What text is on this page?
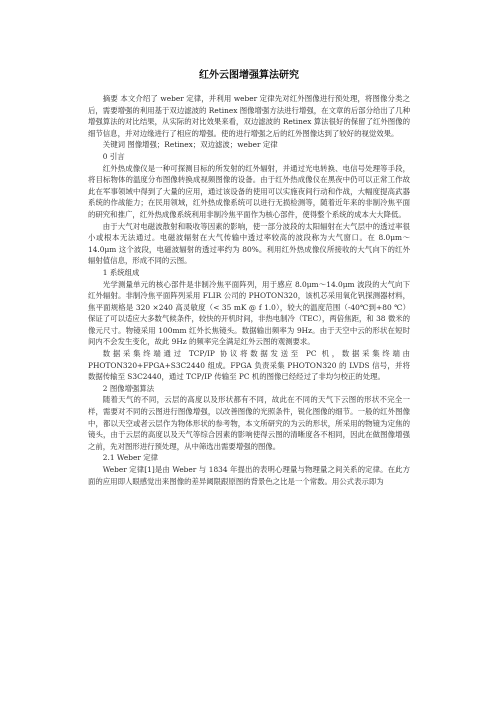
红外云图增强算法研究

摘要 本文介绍了 weber 定律，并利用 weber 定律先对红外图像进行预处理，将图像分类之后，需要增强的利用基于双边滤波的 Retinex 图像增强方法进行增强，在文章的后部分给出了几种增强算法的对比结果，从实际的对比效果来看，双边滤波的 Retinex 算法很好的保留了红外图像的细节信息，并对边缘进行了相应的增强。使的进行增强之后的红外图像达到了较好的视觉效果。

关键词 图像增强；Retinex；双边滤波；weber 定律

0 引言

红外热成像仪是一种可探测目标的所发射的红外辐射，并通过光电转换、电信号处理等手段，将目标物体的温度分布图像转换成视频图像的设备。由于红外热成像仪在黑夜中仍可以正常工作故此在军事领域中得到了大量的应用，通过该设备的使用可以实施夜间行动和作战，大幅度提高武器系统的作战能力；在民用领域，红外热成像系统可以进行无损检测等，随着近年来的非制冷焦平面的研究和推广，红外热成像系统利用非制冷焦平面作为核心部件，使得整个系统的成本大大降低。

由于大气对电磁波散射和吸收等因素的影响，使一部分波段的太阳辐射在大气层中的透过率很小或根本无法通过。电磁波辐射在大气传输中透过率较高的波段称为大气窗口。在 8.0μm～14.0μm 这个波段，电磁波辐射的透过率约为 80%。利用红外热成像仪所接收的大气向下的红外辐射值信息，形成不同的云图。

1 系统组成

光学测量单元的核心部件是非制冷焦平面阵列，用于感应 8.0μm～14.0μm 波段的大气向下红外辐射。非制冷焦平面阵列采用 FLIR 公司的 PHOTON320，该机芯采用氧化钒探测器材料，焦平面规格是 320 ×240 高灵敏度（< 35 mK @ f 1.0），较大的温度范围（-40℃到+80 ℃）保证了可以适应大多数气候条件，较快的开机时间，非热电制冷（TEC），两倍焦距，和 38 微米的像元尺寸。物镜采用 100mm 红外长焦镜头。数据输出频率为 9Hz。由于天空中云的形状在短时间内不会发生变化，故此 9Hz 的频率完全满足红外云图的观测要求。

数据采集终端通过 TCP/IP 协议将数据发送至 PC 机，数据采集终端由 PHOTON320+FPGA+S3C2440 组成。FPGA 负责采集 PHOTON320 的 LVDS 信号，并将数据传输至 S3C2440，通过 TCP/IP 传输至 PC 机的图像已经经过了非均匀校正的处理。

2 图像增强算法

随着天气的不同，云层的高度以及形状都有不同，故此在不同的天气下云图的形状不完全一样，需要对不同的云图进行图像增强，以改善图像的光照条件，锐化图像的细节。一般的红外图像中，都以天空或者云层作为物体形状的参考物，本文所研究的为云的形状，所采用的物镜为定焦的镜头，由于云层的高度以及天气等综合因素的影响使得云图的清晰度各不相同，因此在做图像增强之前，先对图形进行预处理，从中筛选出需要增强的图像。

2.1 Weber 定律

Weber 定律[1]是由 Weber 与 1834 年提出的表明心理量与物理量之间关系的定律。在此方面的应用即人眼感觉出来图像的差异阈限跟原图的背景色之比是一个常数。用公式表示即为
